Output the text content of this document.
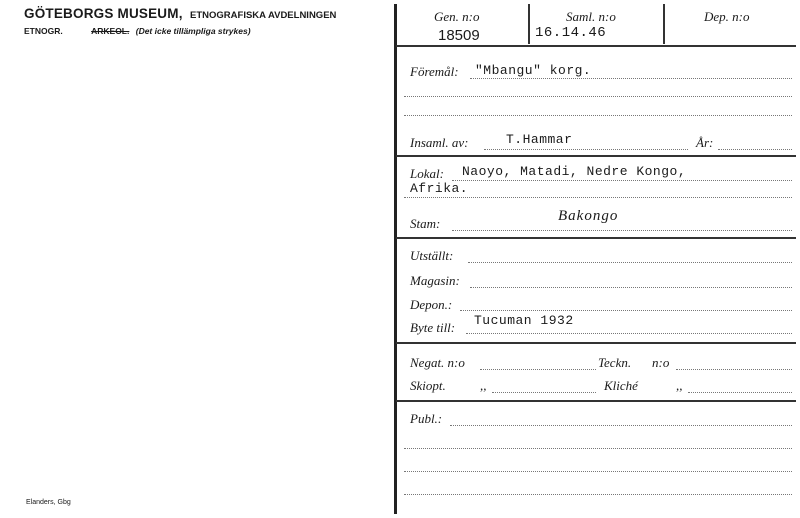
GÖTEBORGS MUSEUM, ETNOGRAFISKA AVDELNINGEN
ETNOGR.	ARKEOL. (Det icke tillämpliga strykes)
Elanders, Gbg
Gen. n:o
18509
Saml. n:o
16.14.46
Dep. n:o
Föremål: "Mbangu" korg.
Insaml. av:	T.Hammar	År:
Lokal: Naoyo, Matadi, Nedre Kongo,
Afrika.
Stam:	Bakongo
Utställt:
Magasin:
Depon.:
Byte till: Tucuman 1932
Negat. n:o	Teckn. n:o
Skiopt.	,,	Kliché	,,
Publ.:
